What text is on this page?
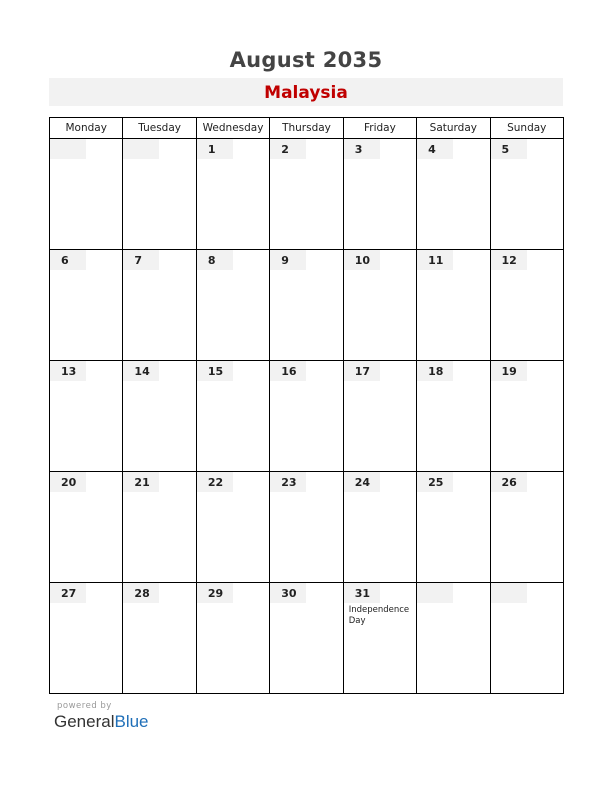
August 2035
Malaysia
Monday	Tuesday	Wednesday	Thursday	Friday	Saturday	Sunday

		1	2	3	4	5

6	7	8	9	10	11	12

13	14	15	16	17	18	19

20	21	22	23	24	25	26

27	28	29	30	31
Independence Day		

powered by
GeneralBlue
